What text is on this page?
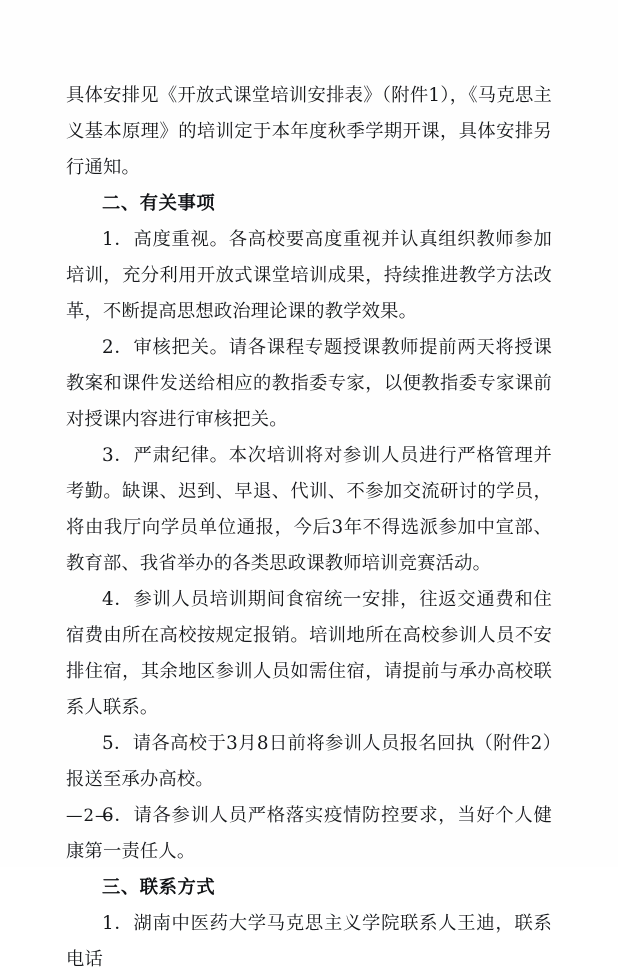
具体安排见《开放式课堂培训安排表》（附件1），《马克思主义基本原理》的培训定于本年度秋季学期开课，具体安排另行通知。

二、有关事项

1．高度重视。各高校要高度重视并认真组织教师参加培训，充分利用开放式课堂培训成果，持续推进教学方法改革，不断提高思想政治理论课的教学效果。

2．审核把关。请各课程专题授课教师提前两天将授课教案和课件发送给相应的教指委专家，以便教指委专家课前对授课内容进行审核把关。

3．严肃纪律。本次培训将对参训人员进行严格管理并考勤。缺课、迟到、早退、代训、不参加交流研讨的学员，将由我厅向学员单位通报，今后3年不得选派参加中宣部、教育部、我省举办的各类思政课教师培训竞赛活动。

4．参训人员培训期间食宿统一安排，往返交通费和住宿费由所在高校按规定报销。培训地所在高校参训人员不安排住宿，其余地区参训人员如需住宿，请提前与承办高校联系人联系。

5．请各高校于3月8日前将参训人员报名回执（附件2）报送至承办高校。

6．请各参训人员严格落实疫情防控要求，当好个人健康第一责任人。

三、联系方式

1．湖南中医药大学马克思主义学院联系人王迪，联系电话

—2—
